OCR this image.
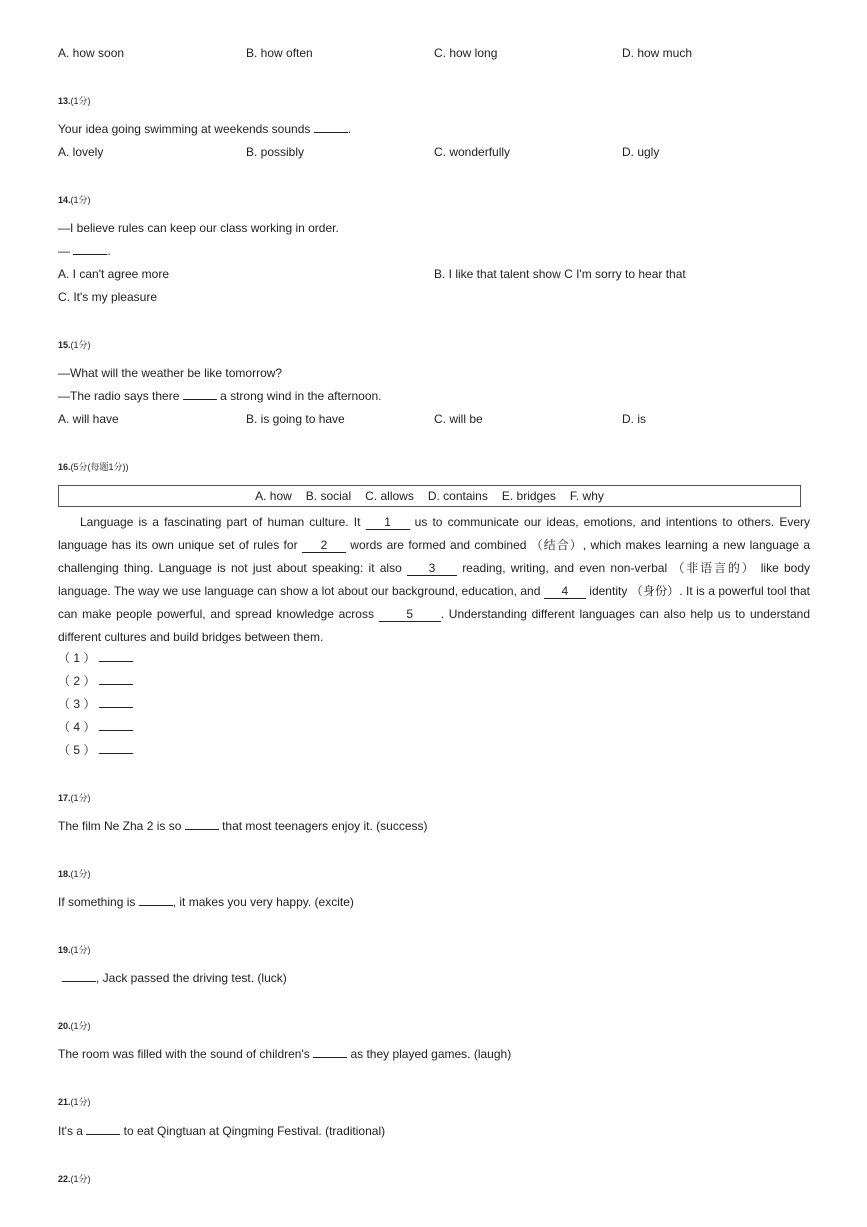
A. how soon	B. how often	C. how long	D. how much
13.(1分)
Your idea going swimming at weekends sounds	.
A. lovely	B. possibly	C. wonderfully	D. ugly
14.(1分)
—I believe rules can keep our class working in order.
—	.
A. I can't agree more	B. I like that talent show C I'm sorry to hear that
C. It's my pleasure
15.(1分)
—What will the weather be like tomorrow?
—The radio says there	a strong wind in the afternoon.
A. will have	B. is going to have	C. will be	D. is
16.(5分(每题1分))
A. how B. social C. allows D. contains E. bridges F. why
Language is a fascinating part of human culture. It 1 us to communicate our ideas, emotions, and intentions to others. Every language has its own unique set of rules for 2 words are formed and combined （结合）, which makes learning a new language a challenging thing. Language is not just about speaking: it also 3 reading, writing, and even non-verbal （非语言的） like body language. The way we use language can show a lot about our background, education, and 4 identity （身份）. It is a powerful tool that can make people powerful, and spread knowledge across	5 . Understanding different languages can also help us to understand different cultures and build bridges between them.
（ 1 ）
（ 2 ）
（ 3 ）
（ 4 ）
（ 5 ）
17.(1分)
The film Ne Zha 2 is so	that most teenagers enjoy it. (success)
18.(1分)
If something is	, it makes you very happy. (excite)
19.(1分)
, Jack passed the driving test. (luck)
20.(1分)
The room was filled with the sound of children's	as they played games. (laugh)
21.(1分)
It's a	to eat Qingtuan at Qingming Festival. (traditional)
22.(1分)
